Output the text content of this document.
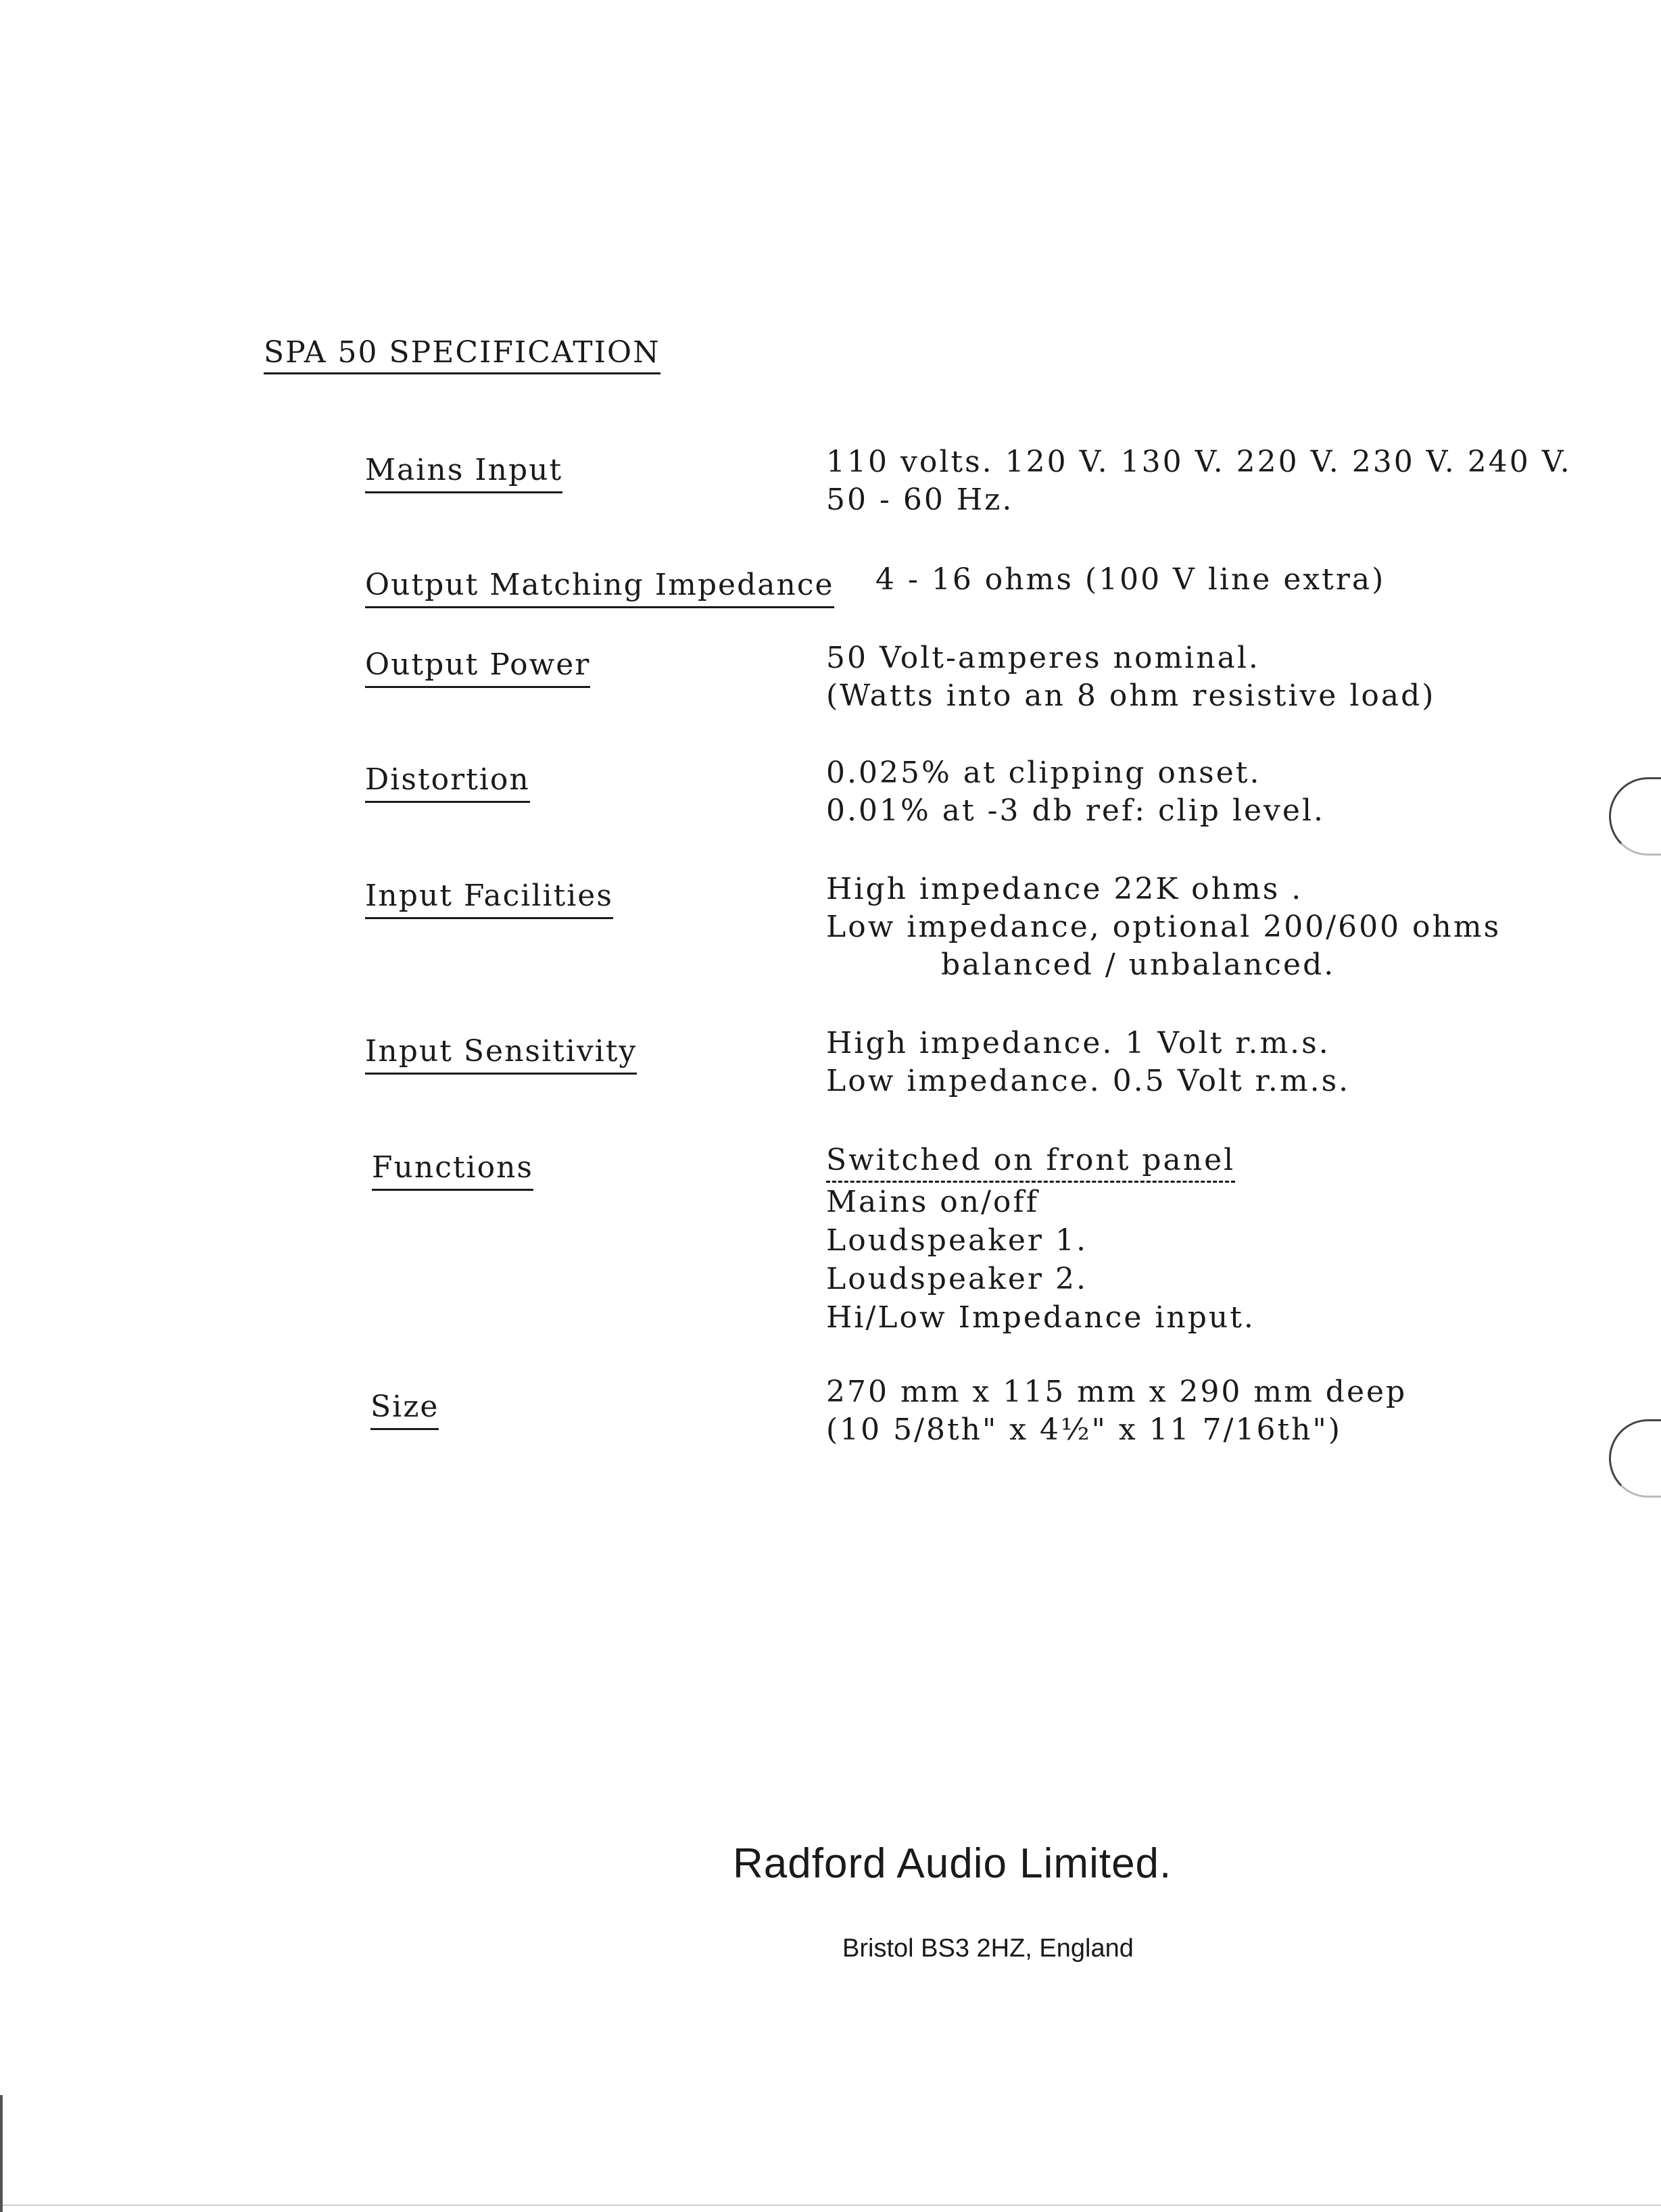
SPA 50 SPECIFICATION
Mains Input	110 volts. 120 V. 130 V. 220 V. 230 V. 240 V.
50 - 60 Hz.
Output Matching Impedance 4 - 16 ohms (100 V line extra)
Output Power	50 Volt-amperes nominal.
(Watts into an 8 ohm resistive load)
Distortion	0.025% at clipping onset.
0.01% at -3 db ref: clip level.
Input Facilities	High impedance 22K ohms .
Low impedance, optional 200/600 ohms
balanced / unbalanced.
Input Sensitivity	High impedance. 1 Volt r.m.s.
Low impedance. 0.5 Volt r.m.s.
Functions	Switched on front panel
Mains on/off
Loudspeaker 1.
Loudspeaker 2.
Hi/Low Impedance input.
Size	270 mm x 115 mm x 290 mm deep
(10 5/8th" x 4½" x 11 7/16th")
Radford Audio Limited.
Bristol BS3 2HZ, England
